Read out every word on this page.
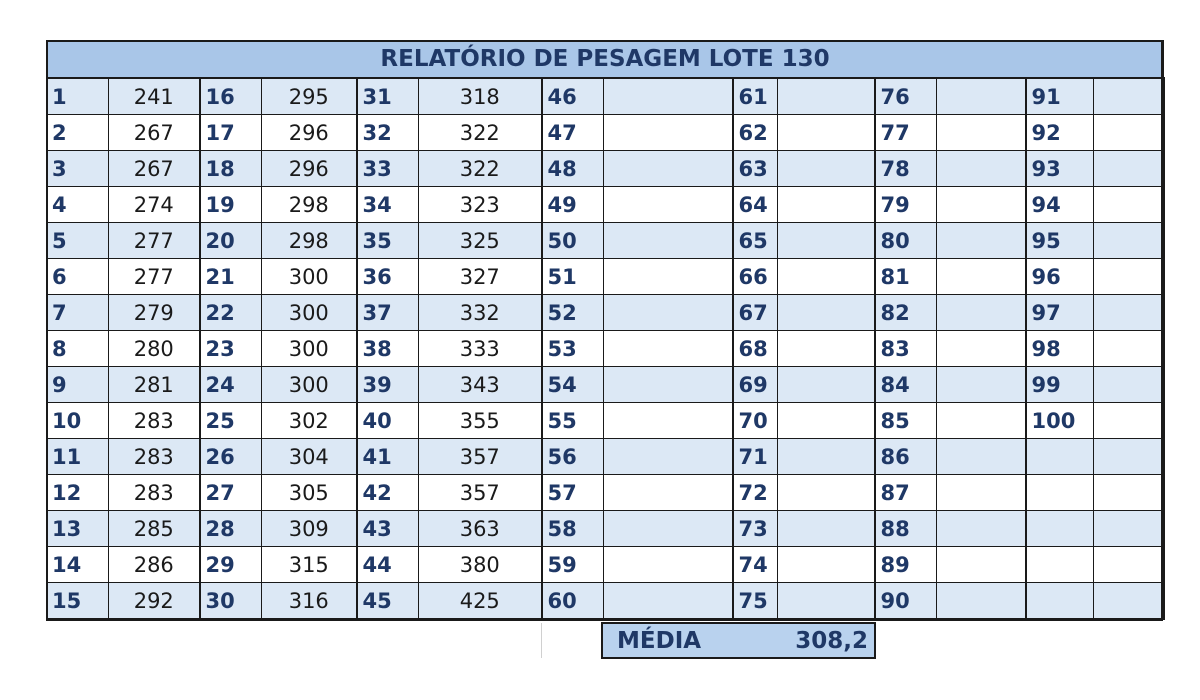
RELATÓRIO DE PESAGEM LOTE 130													
1	241	16	295	31	318	46		61		76		91	
2	267	17	296	32	322	47		62		77		92	
3	267	18	296	33	322	48		63		78		93	
4	274	19	298	34	323	49		64		79		94	
5	277	20	298	35	325	50		65		80		95	
6	277	21	300	36	327	51		66		81		96	
7	279	22	300	37	332	52		67		82		97	
8	280	23	300	38	333	53		68		83		98	
9	281	24	300	39	343	54		69		84		99	
10	283	25	302	40	355	55		70		85		100	
11	283	26	304	41	357	56		71		86			
12	283	27	305	42	357	57		72		87			
13	285	28	309	43	363	58		73		88			
14	286	29	315	44	380	59		74		89			
15	292	30	316	45	425	60		75		90			
MÉDIA	308,2
